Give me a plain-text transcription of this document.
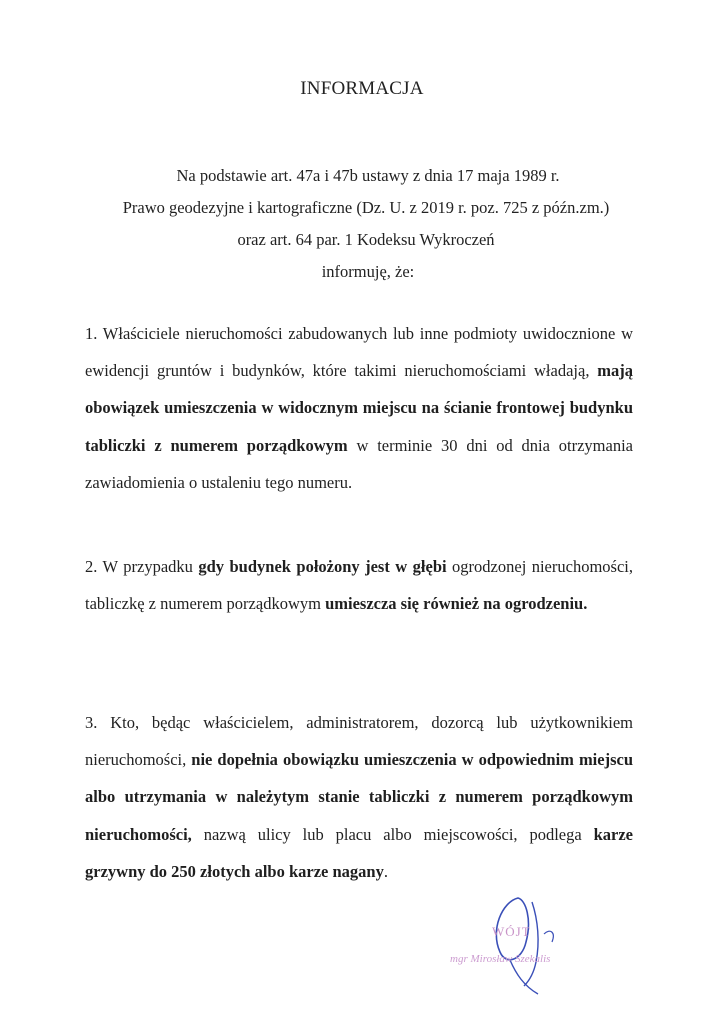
INFORMACJA
Na podstawie art. 47a i 47b ustawy z dnia 17 maja 1989 r.
Prawo geodezyjne i kartograficzne (Dz. U. z 2019 r. poz. 725 z późn.zm.)
oraz art. 64 par. 1 Kodeksu Wykroczeń
informuję, że:

1. Właściciele nieruchomości zabudowanych lub inne podmioty uwidocznione w ewidencji gruntów i budynków, które takimi nieruchomościami władają, mają obowiązek umieszczenia w widocznym miejscu na ścianie frontowej budynku tabliczki z numerem porządkowym w terminie 30 dni od dnia otrzymania zawiadomienia o ustaleniu tego numeru.

2. W przypadku gdy budynek położony jest w głębi ogrodzonej nieruchomości, tabliczkę z numerem porządkowym umieszcza się również na ogrodzeniu.

3. Kto, będąc właścicielem, administratorem, dozorcą lub użytkownikiem nieruchomości, nie dopełnia obowiązku umieszczenia w odpowiednim miejscu albo utrzymania w należytym stanie tabliczki z numerem porządkowym nieruchomości, nazwą ulicy lub placu albo miejscowości, podlega karze grzywny do 250 złotych albo karze nagany.

WÓJT
mgr Mirosław Szekalis
